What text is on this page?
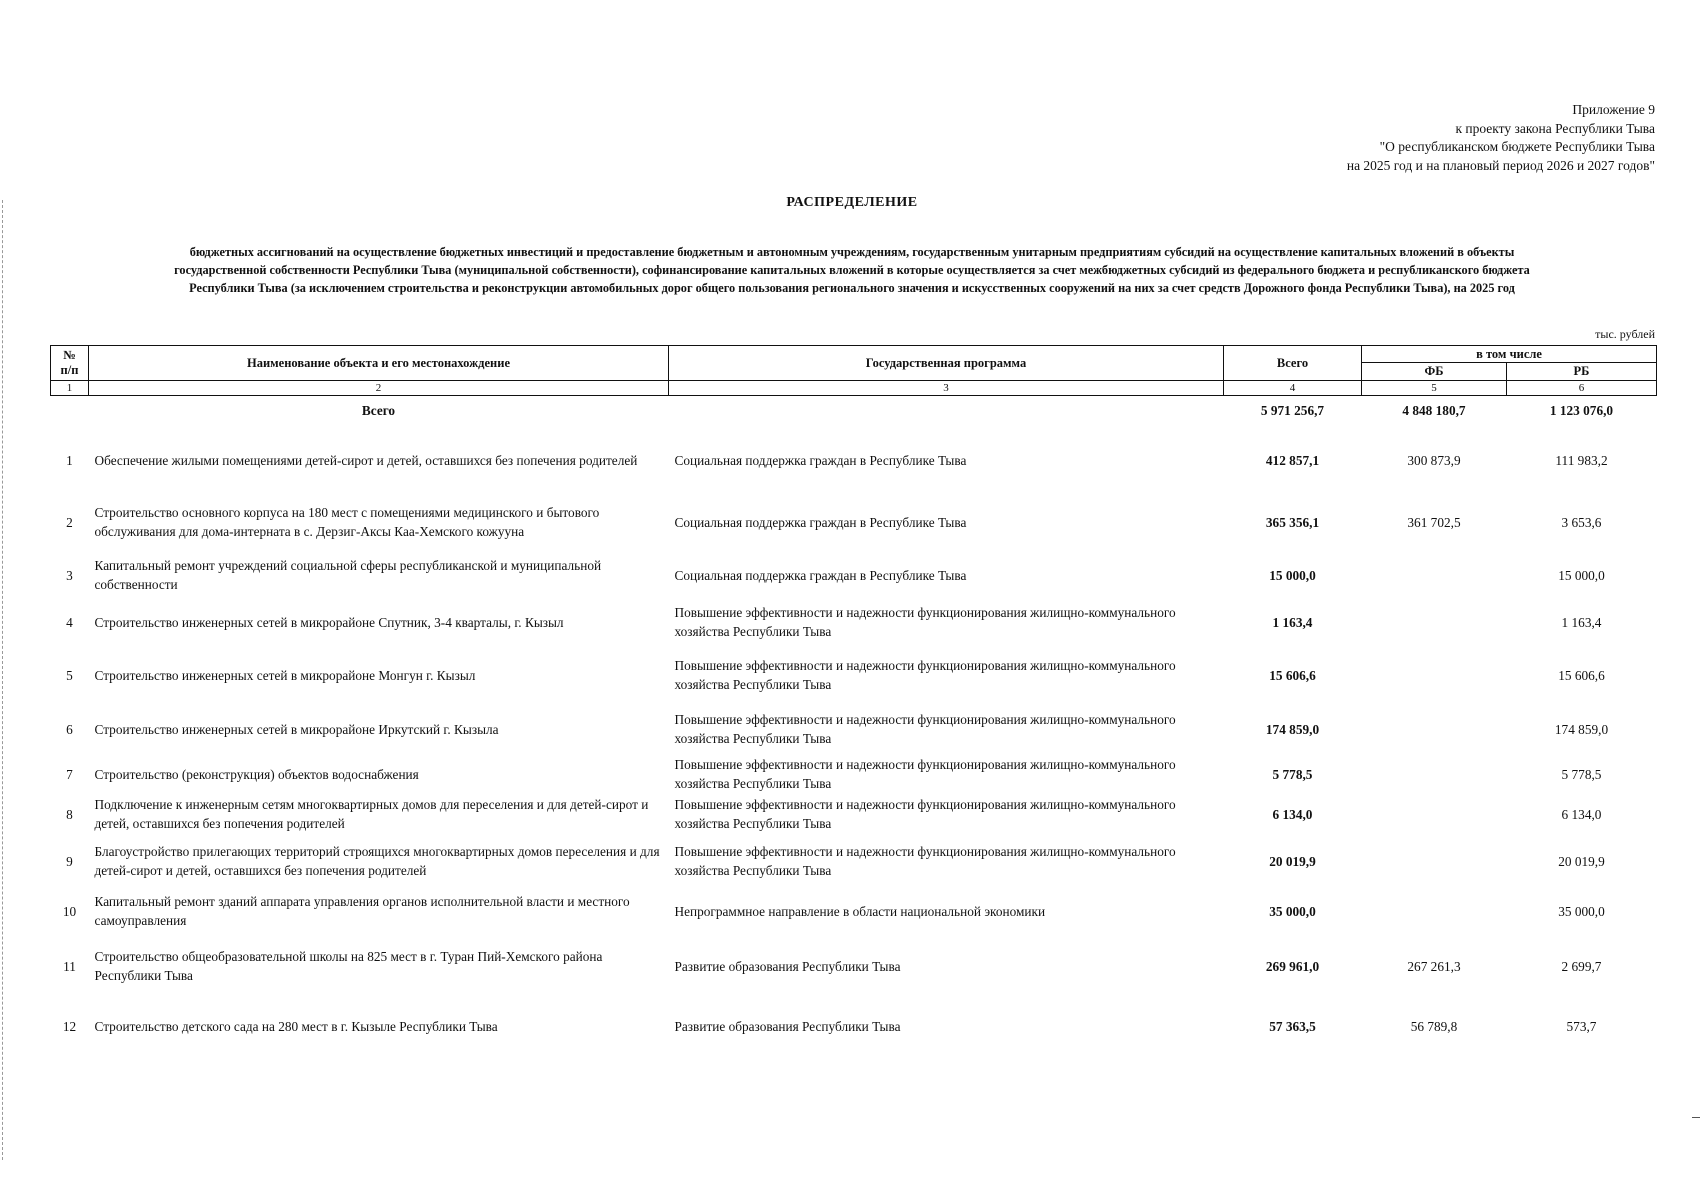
Приложение 9
к проекту закона Республики Тыва
"О республиканском бюджете Республики Тыва
на 2025 год и на плановый период 2026 и 2027 годов"
РАСПРЕДЕЛЕНИЕ
бюджетных ассигнований на осуществление бюджетных инвестиций и предоставление бюджетным и автономным учреждениям, государственным унитарным предприятиям субсидий на осуществление капитальных вложений в объекты
государственной собственности Республики Тыва (муниципальной собственности), софинансирование капитальных вложений в которые осуществляется за счет межбюджетных субсидий из федерального бюджета и республиканского бюджета
Республики Тыва (за исключением строительства и реконструкции автомобильных дорог общего пользования регионального значения и искусственных сооружений на них за счет средств Дорожного фонда Республики Тыва), на 2025 год
тыс. рублей
№ п/п	Наименование объекта и его местонахождение	Государственная программа	Всего	в том числе	
				ФБ	РБ
1	2	3	4	5	6
	Всего		5 971 256,7	4 848 180,7	1 123 076,0
1	Обеспечение жилыми помещениями детей-сирот и детей, оставшихся без попечения родителей	Социальная поддержка граждан в Республике Тыва	412 857,1	300 873,9	111 983,2
2	Строительство основного корпуса на 180 мест с помещениями медицинского и бытового обслуживания для дома-интерната в с. Дерзиг-Аксы Каа-Хемского кожууна	Социальная поддержка граждан в Республике Тыва	365 356,1	361 702,5	3 653,6
3	Капитальный ремонт учреждений социальной сферы республиканской и муниципальной собственности	Социальная поддержка граждан в Республике Тыва	15 000,0		15 000,0
4	Строительство инженерных сетей в микрорайоне Спутник, 3-4 кварталы, г. Кызыл	Повышение эффективности и надежности функционирования жилищно-коммунального хозяйства Республики Тыва	1 163,4		1 163,4
5	Строительство инженерных сетей в микрорайоне Монгун г. Кызыл	Повышение эффективности и надежности функционирования жилищно-коммунального хозяйства Республики Тыва	15 606,6		15 606,6
6	Строительство инженерных сетей в микрорайоне Иркутский г. Кызыла	Повышение эффективности и надежности функционирования жилищно-коммунального хозяйства Республики Тыва	174 859,0		174 859,0
7	Строительство (реконструкция) объектов водоснабжения	Повышение эффективности и надежности функционирования жилищно-коммунального хозяйства Республики Тыва	5 778,5		5 778,5
8	Подключение к инженерным сетям многоквартирных домов для переселения и для детей-сирот и детей, оставшихся без попечения родителей	Повышение эффективности и надежности функционирования жилищно-коммунального хозяйства Республики Тыва	6 134,0		6 134,0
9	Благоустройство прилегающих территорий строящихся многоквартирных домов переселения и для детей-сирот и детей, оставшихся без попечения родителей	Повышение эффективности и надежности функционирования жилищно-коммунального хозяйства Республики Тыва	20 019,9		20 019,9
10	Капитальный ремонт зданий аппарата управления органов исполнительной власти и местного самоуправления	Непрограммное направление в области национальной экономики	35 000,0		35 000,0
11	Строительство общеобразовательной школы на 825 мест в г. Туран Пий-Хемского района Республики Тыва	Развитие образования Республики Тыва	269 961,0	267 261,3	2 699,7
12	Строительство детского сада на 280 мест в г. Кызыле Республики Тыва	Развитие образования Республики Тыва	57 363,5	56 789,8	573,7
